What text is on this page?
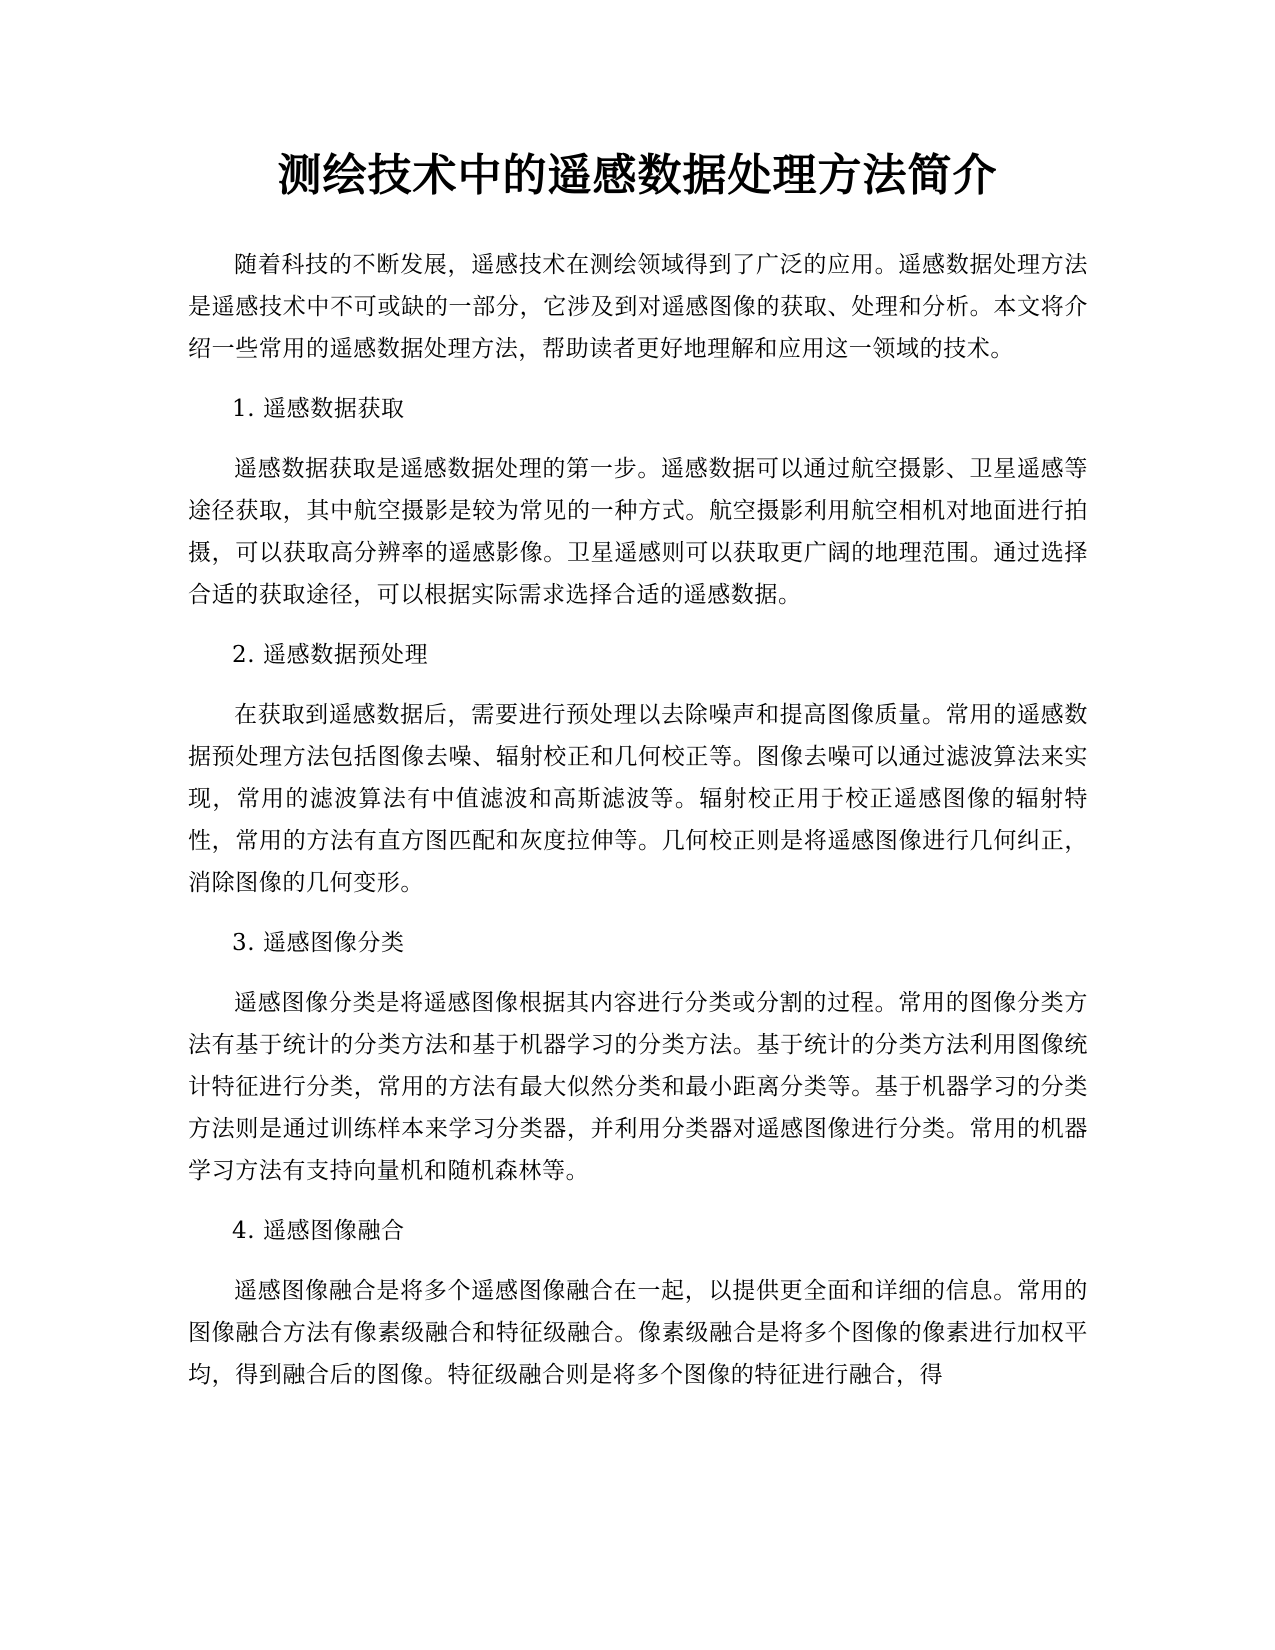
测绘技术中的遥感数据处理方法简介

随着科技的不断发展，遥感技术在测绘领域得到了广泛的应用。遥感数据处理方法是遥感技术中不可或缺的一部分，它涉及到对遥感图像的获取、处理和分析。本文将介绍一些常用的遥感数据处理方法，帮助读者更好地理解和应用这一领域的技术。

1. 遥感数据获取

遥感数据获取是遥感数据处理的第一步。遥感数据可以通过航空摄影、卫星遥感等途径获取，其中航空摄影是较为常见的一种方式。航空摄影利用航空相机对地面进行拍摄，可以获取高分辨率的遥感影像。卫星遥感则可以获取更广阔的地理范围。通过选择合适的获取途径，可以根据实际需求选择合适的遥感数据。

2. 遥感数据预处理

在获取到遥感数据后，需要进行预处理以去除噪声和提高图像质量。常用的遥感数据预处理方法包括图像去噪、辐射校正和几何校正等。图像去噪可以通过滤波算法来实现，常用的滤波算法有中值滤波和高斯滤波等。辐射校正用于校正遥感图像的辐射特性，常用的方法有直方图匹配和灰度拉伸等。几何校正则是将遥感图像进行几何纠正，消除图像的几何变形。

3. 遥感图像分类

遥感图像分类是将遥感图像根据其内容进行分类或分割的过程。常用的图像分类方法有基于统计的分类方法和基于机器学习的分类方法。基于统计的分类方法利用图像统计特征进行分类，常用的方法有最大似然分类和最小距离分类等。基于机器学习的分类方法则是通过训练样本来学习分类器，并利用分类器对遥感图像进行分类。常用的机器学习方法有支持向量机和随机森林等。

4. 遥感图像融合

遥感图像融合是将多个遥感图像融合在一起，以提供更全面和详细的信息。常用的图像融合方法有像素级融合和特征级融合。像素级融合是将多个图像的像素进行加权平均，得到融合后的图像。特征级融合则是将多个图像的特征进行融合，得
